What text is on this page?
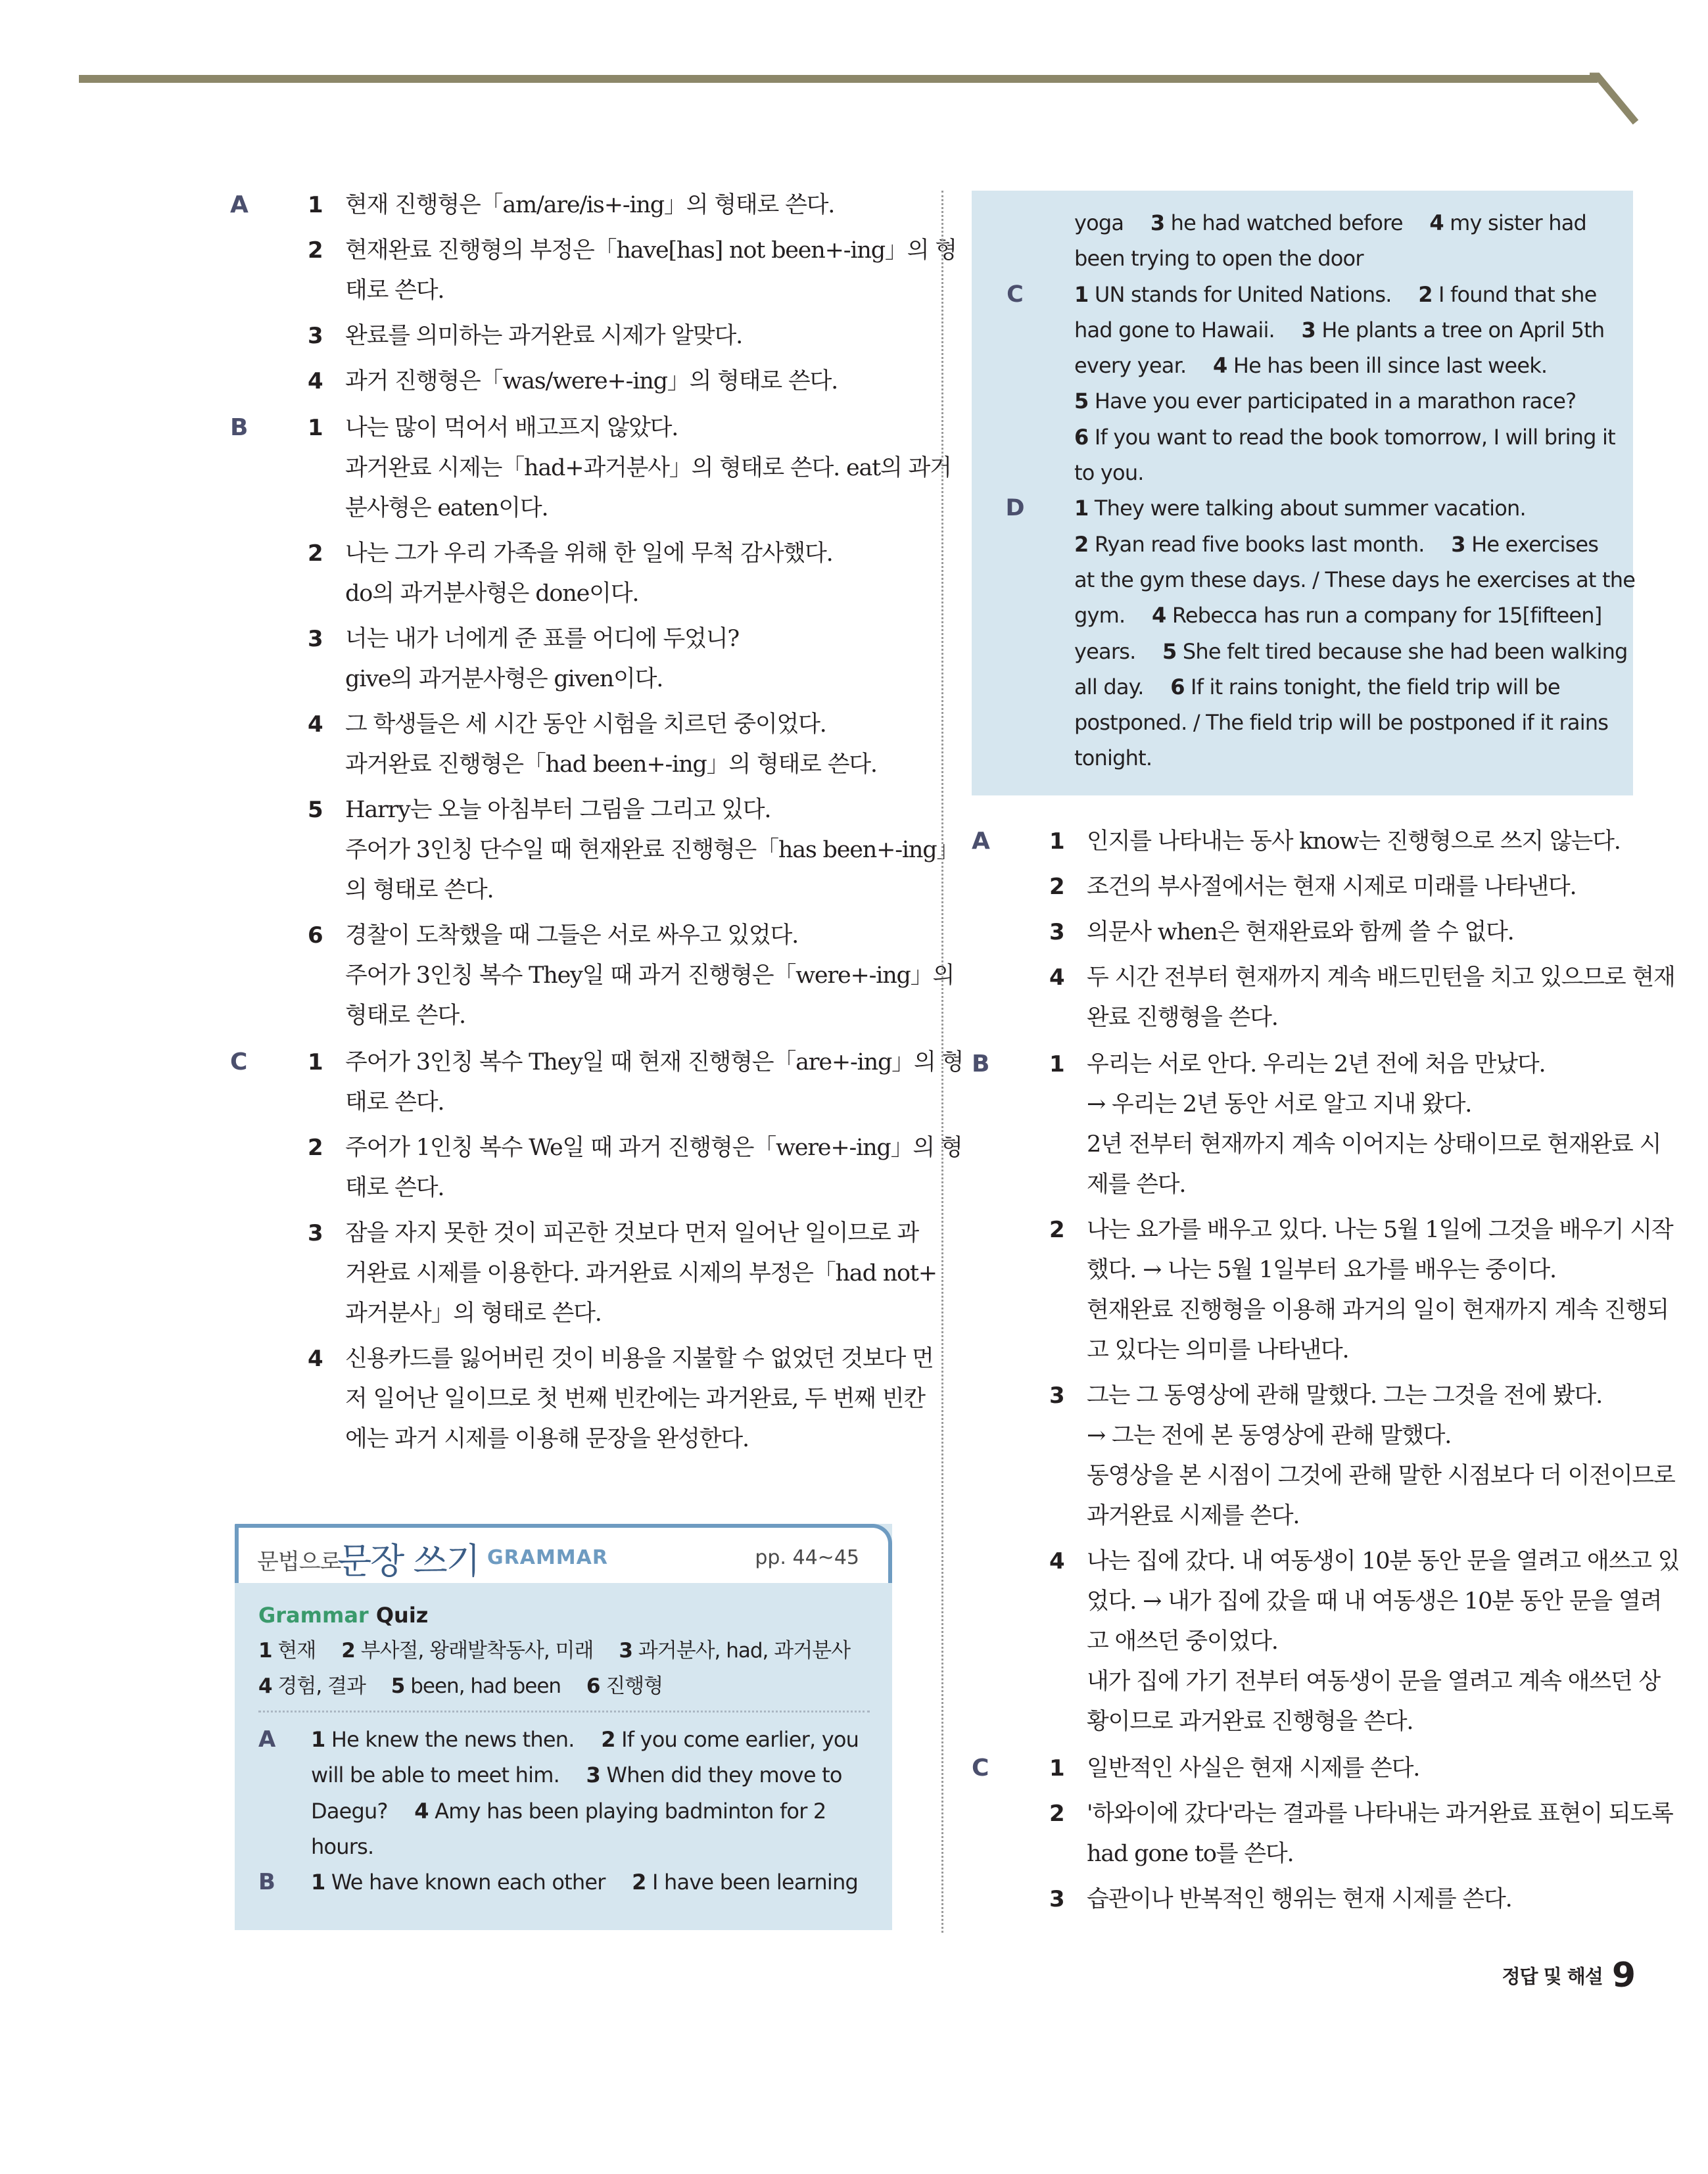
A	1 현재 진행형은「am/are/is+-ing」의 형태로 쓴다.
2 현재완료 진행형의 부정은「have[has] not been+-ing」의 형
태로 쓴다.
3 완료를 의미하는 과거완료 시제가 알맞다.
4 과거 진행형은「was/were+-ing」의 형태로 쓴다.
B	1 나는 많이 먹어서 배고프지 않았다.
과거완료 시제는「had+과거분사」의 형태로 쓴다. eat의 과거
분사형은 eaten이다.
2 나는 그가 우리 가족을 위해 한 일에 무척 감사했다.
do의 과거분사형은 done이다.
3 너는 내가 너에게 준 표를 어디에 두었니?
give의 과거분사형은 given이다.
4 그 학생들은 세 시간 동안 시험을 치르던 중이었다.
과거완료 진행형은「had been+-ing」의 형태로 쓴다.
5 Harry는 오늘 아침부터 그림을 그리고 있다.
주어가 3인칭 단수일 때 현재완료 진행형은「has been+-ing」
의 형태로 쓴다.
6 경찰이 도착했을 때 그들은 서로 싸우고 있었다.
주어가 3인칭 복수 They일 때 과거 진행형은「were+-ing」의
형태로 쓴다.
C	1 주어가 3인칭 복수 They일 때 현재 진행형은「are+-ing」의 형
태로 쓴다.
2 주어가 1인칭 복수 We일 때 과거 진행형은「were+-ing」의 형
태로 쓴다.
3 잠을 자지 못한 것이 피곤한 것보다 먼저 일어난 일이므로 과
거완료 시제를 이용한다. 과거완료 시제의 부정은「had not+
과거분사」의 형태로 쓴다.
4 신용카드를 잃어버린 것이 비용을 지불할 수 없었던 것보다 먼
저 일어난 일이므로 첫 번째 빈칸에는 과거완료, 두 번째 빈칸
에는 과거 시제를 이용해 문장을 완성한다.
문법으로
문장 쓰기 GRAMMAR	pp. 44~45
Grammar Quiz
1 현재  2 부사절, 왕래발착동사, 미래  3 과거분사, had, 과거분사
4 경험, 결과  5 been, had been  6 진행형
A 1 He knew the news then.  2 If you come earlier, you
will be able to meet him.  3 When did they move to
Daegu?  4 Amy has been playing badminton for 2
hours.
B 1 We have known each other  2 I have been learning
yoga  3 he had watched before  4 my sister had
been trying to open the door
C	1 UN stands for United Nations.  2 I found that she
had gone to Hawaii.  3 He plants a tree on April 5th
every year.  4 He has been ill since last week.
5 Have you ever participated in a marathon race?
6 If you want to read the book tomorrow, I will bring it
to you.
D	1 They were talking about summer vacation.
2 Ryan read five books last month.  3 He exercises
at the gym these days. / These days he exercises at the
gym.  4 Rebecca has run a company for 15[fifteen]
years.  5 She felt tired because she had been walking
all day.  6 If it rains tonight, the field trip will be
postponed. / The field trip will be postponed if it rains
tonight.
A	1 인지를 나타내는 동사 know는 진행형으로 쓰지 않는다.
2 조건의 부사절에서는 현재 시제로 미래를 나타낸다.
3 의문사 when은 현재완료와 함께 쓸 수 없다.
4 두 시간 전부터 현재까지 계속 배드민턴을 치고 있으므로 현재
완료 진행형을 쓴다.
B	1 우리는 서로 안다. 우리는 2년 전에 처음 만났다.
→ 우리는 2년 동안 서로 알고 지내 왔다.
2년 전부터 현재까지 계속 이어지는 상태이므로 현재완료 시
제를 쓴다.
2 나는 요가를 배우고 있다. 나는 5월 1일에 그것을 배우기 시작
했다. → 나는 5월 1일부터 요가를 배우는 중이다.
현재완료 진행형을 이용해 과거의 일이 현재까지 계속 진행되
고 있다는 의미를 나타낸다.
3 그는 그 동영상에 관해 말했다. 그는 그것을 전에 봤다.
→ 그는 전에 본 동영상에 관해 말했다.
동영상을 본 시점이 그것에 관해 말한 시점보다 더 이전이므로
과거완료 시제를 쓴다.
4 나는 집에 갔다. 내 여동생이 10분 동안 문을 열려고 애쓰고 있
었다. → 내가 집에 갔을 때 내 여동생은 10분 동안 문을 열려
고 애쓰던 중이었다.
내가 집에 가기 전부터 여동생이 문을 열려고 계속 애쓰던 상
황이므로 과거완료 진행형을 쓴다.
C	1 일반적인 사실은 현재 시제를 쓴다.
2 '하와이에 갔다'라는 결과를 나타내는 과거완료 표현이 되도록
had gone to를 쓴다.
3 습관이나 반복적인 행위는 현재 시제를 쓴다.
정답 및 해설 9
